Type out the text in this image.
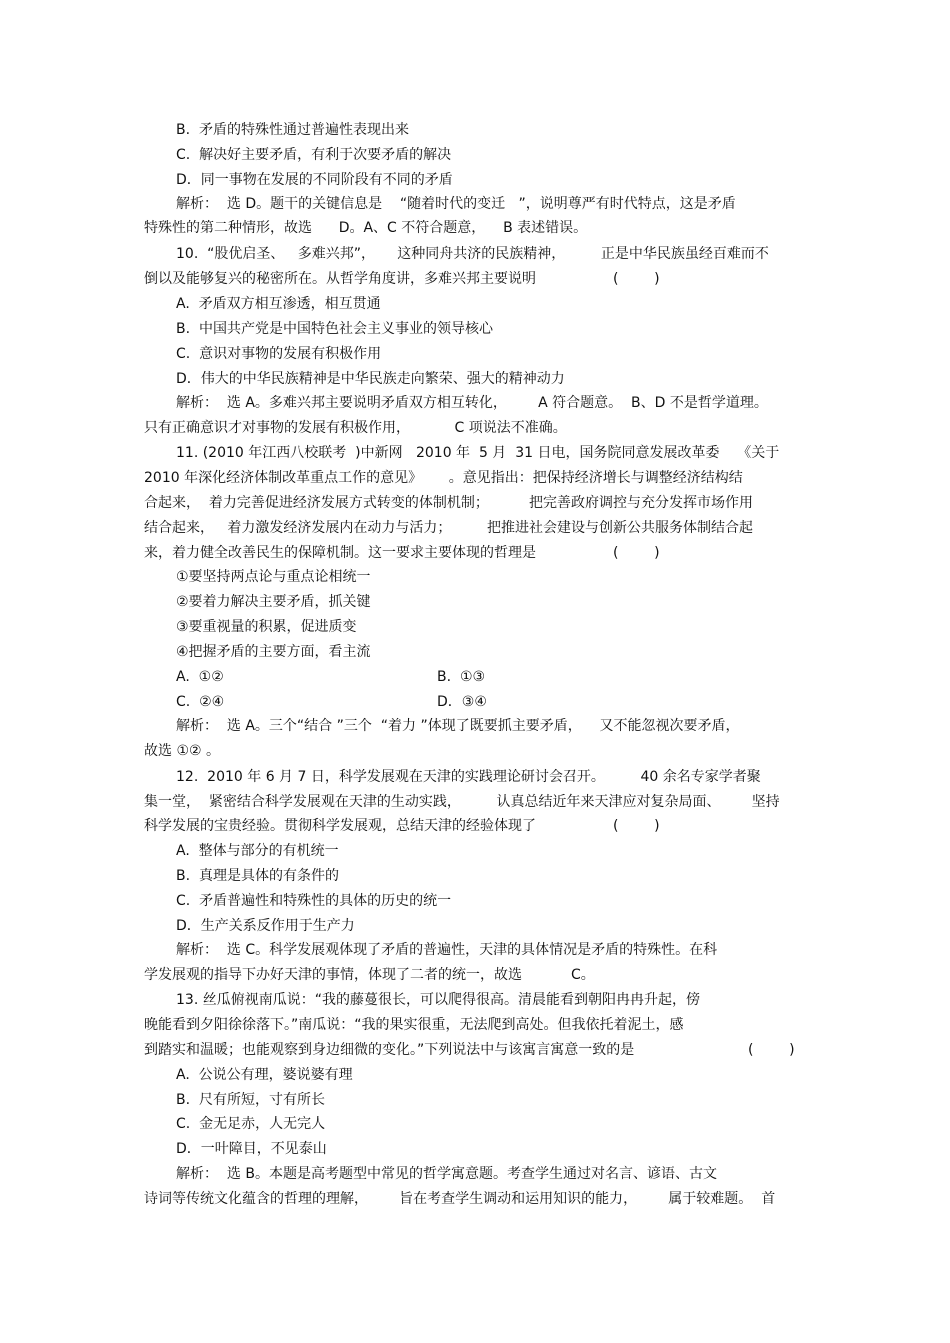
B.  矛盾的特殊性通过普遍性表现出来
C.  解决好主要矛盾，有利于次要矛盾的解决
D．同一事物在发展的不同阶段有不同的矛盾
解析：  选 D。题干的关键信息是    “随着时代的变迁   ”，说明尊严有时代特点，这是矛盾
特殊性的第二种情形，故选      D。A、C 不符合题意，    B 表述错误。
10.  “股优启圣、   多难兴邦”，     这种同舟共济的民族精神，        正是中华民族虽经百难而不
倒以及能够复兴的秘密所在。从哲学角度讲，多难兴邦主要说明
A.  矛盾双方相互渗透，相互贯通
B.  中国共产党是中国特色社会主义事业的领导核心
C.  意识对事物的发展有积极作用
D．伟大的中华民族精神是中华民族走向繁荣、强大的精神动力
解析：  选 A。多难兴邦主要说明矛盾双方相互转化，       A 符合题意。  B、D 不是哲学道理。
只有正确意识才对事物的发展有积极作用，          C 项说法不准确。
11. (2010 年江西八校联考  )中新网   2010 年  5 月  31 日电，国务院同意发展改革委    《关于
2010 年深化经济体制改革重点工作的意见》      。意见指出：把保持经济增长与调整经济结构结
合起来，  着力完善促进经济发展方式转变的体制机制；         把完善政府调控与充分发挥市场作用
结合起来，   着力激发经济发展内在动力与活力；        把推进社会建设与创新公共服务体制结合起
来，着力健全改善民生的保障机制。这一要求主要体现的哲理是
①要坚持两点论与重点论相统一
②要着力解决主要矛盾，抓关键
③要重视量的积累，促进质变
④把握矛盾的主要方面，看主流
A.  ①②	B.  ①③
C.  ②④	D．③④
解析：  选 A。三个“结合 ”三个  “着力 ”体现了既要抓主要矛盾，    又不能忽视次要矛盾，
故选 ①② 。
12.  2010 年 6 月 7 日，科学发展观在天津的实践理论研讨会召开。        40 余名专家学者聚
集一堂，  紧密结合科学发展观在天津的生动实践，        认真总结近年来天津应对复杂局面、       坚持
科学发展的宝贵经验。贯彻科学发展观，总结天津的经验体现了
A.  整体与部分的有机统一
B.  真理是具体的有条件的
C.  矛盾普遍性和特殊性的具体的历史的统一
D．生产关系反作用于生产力
解析：  选 C。科学发展观体现了矛盾的普遍性，天津的具体情况是矛盾的特殊性。在科
学发展观的指导下办好天津的事情，体现了二者的统一，故选           C。
13. 丝瓜俯视南瓜说：“我的藤蔓很长，可以爬得很高。清晨能看到朝阳冉冉升起，傍
晚能看到夕阳徐徐落下。”南瓜说：“我的果实很重，无法爬到高处。但我依托着泥土，感
到踏实和温暖；也能观察到身边细微的变化。”下列说法中与该寓言寓意一致的是
A.  公说公有理，婆说婆有理
B.  尺有所短，寸有所长
C.  金无足赤，人无完人
D．一叶障目，不见泰山
解析：  选 B。本题是高考题型中常见的哲学寓意题。考查学生通过对名言、谚语、古文
诗词等传统文化蕴含的哲理的理解，       旨在考查学生调动和运用知识的能力，       属于较难题。  首
(        )
(        )
(        )
(        )
